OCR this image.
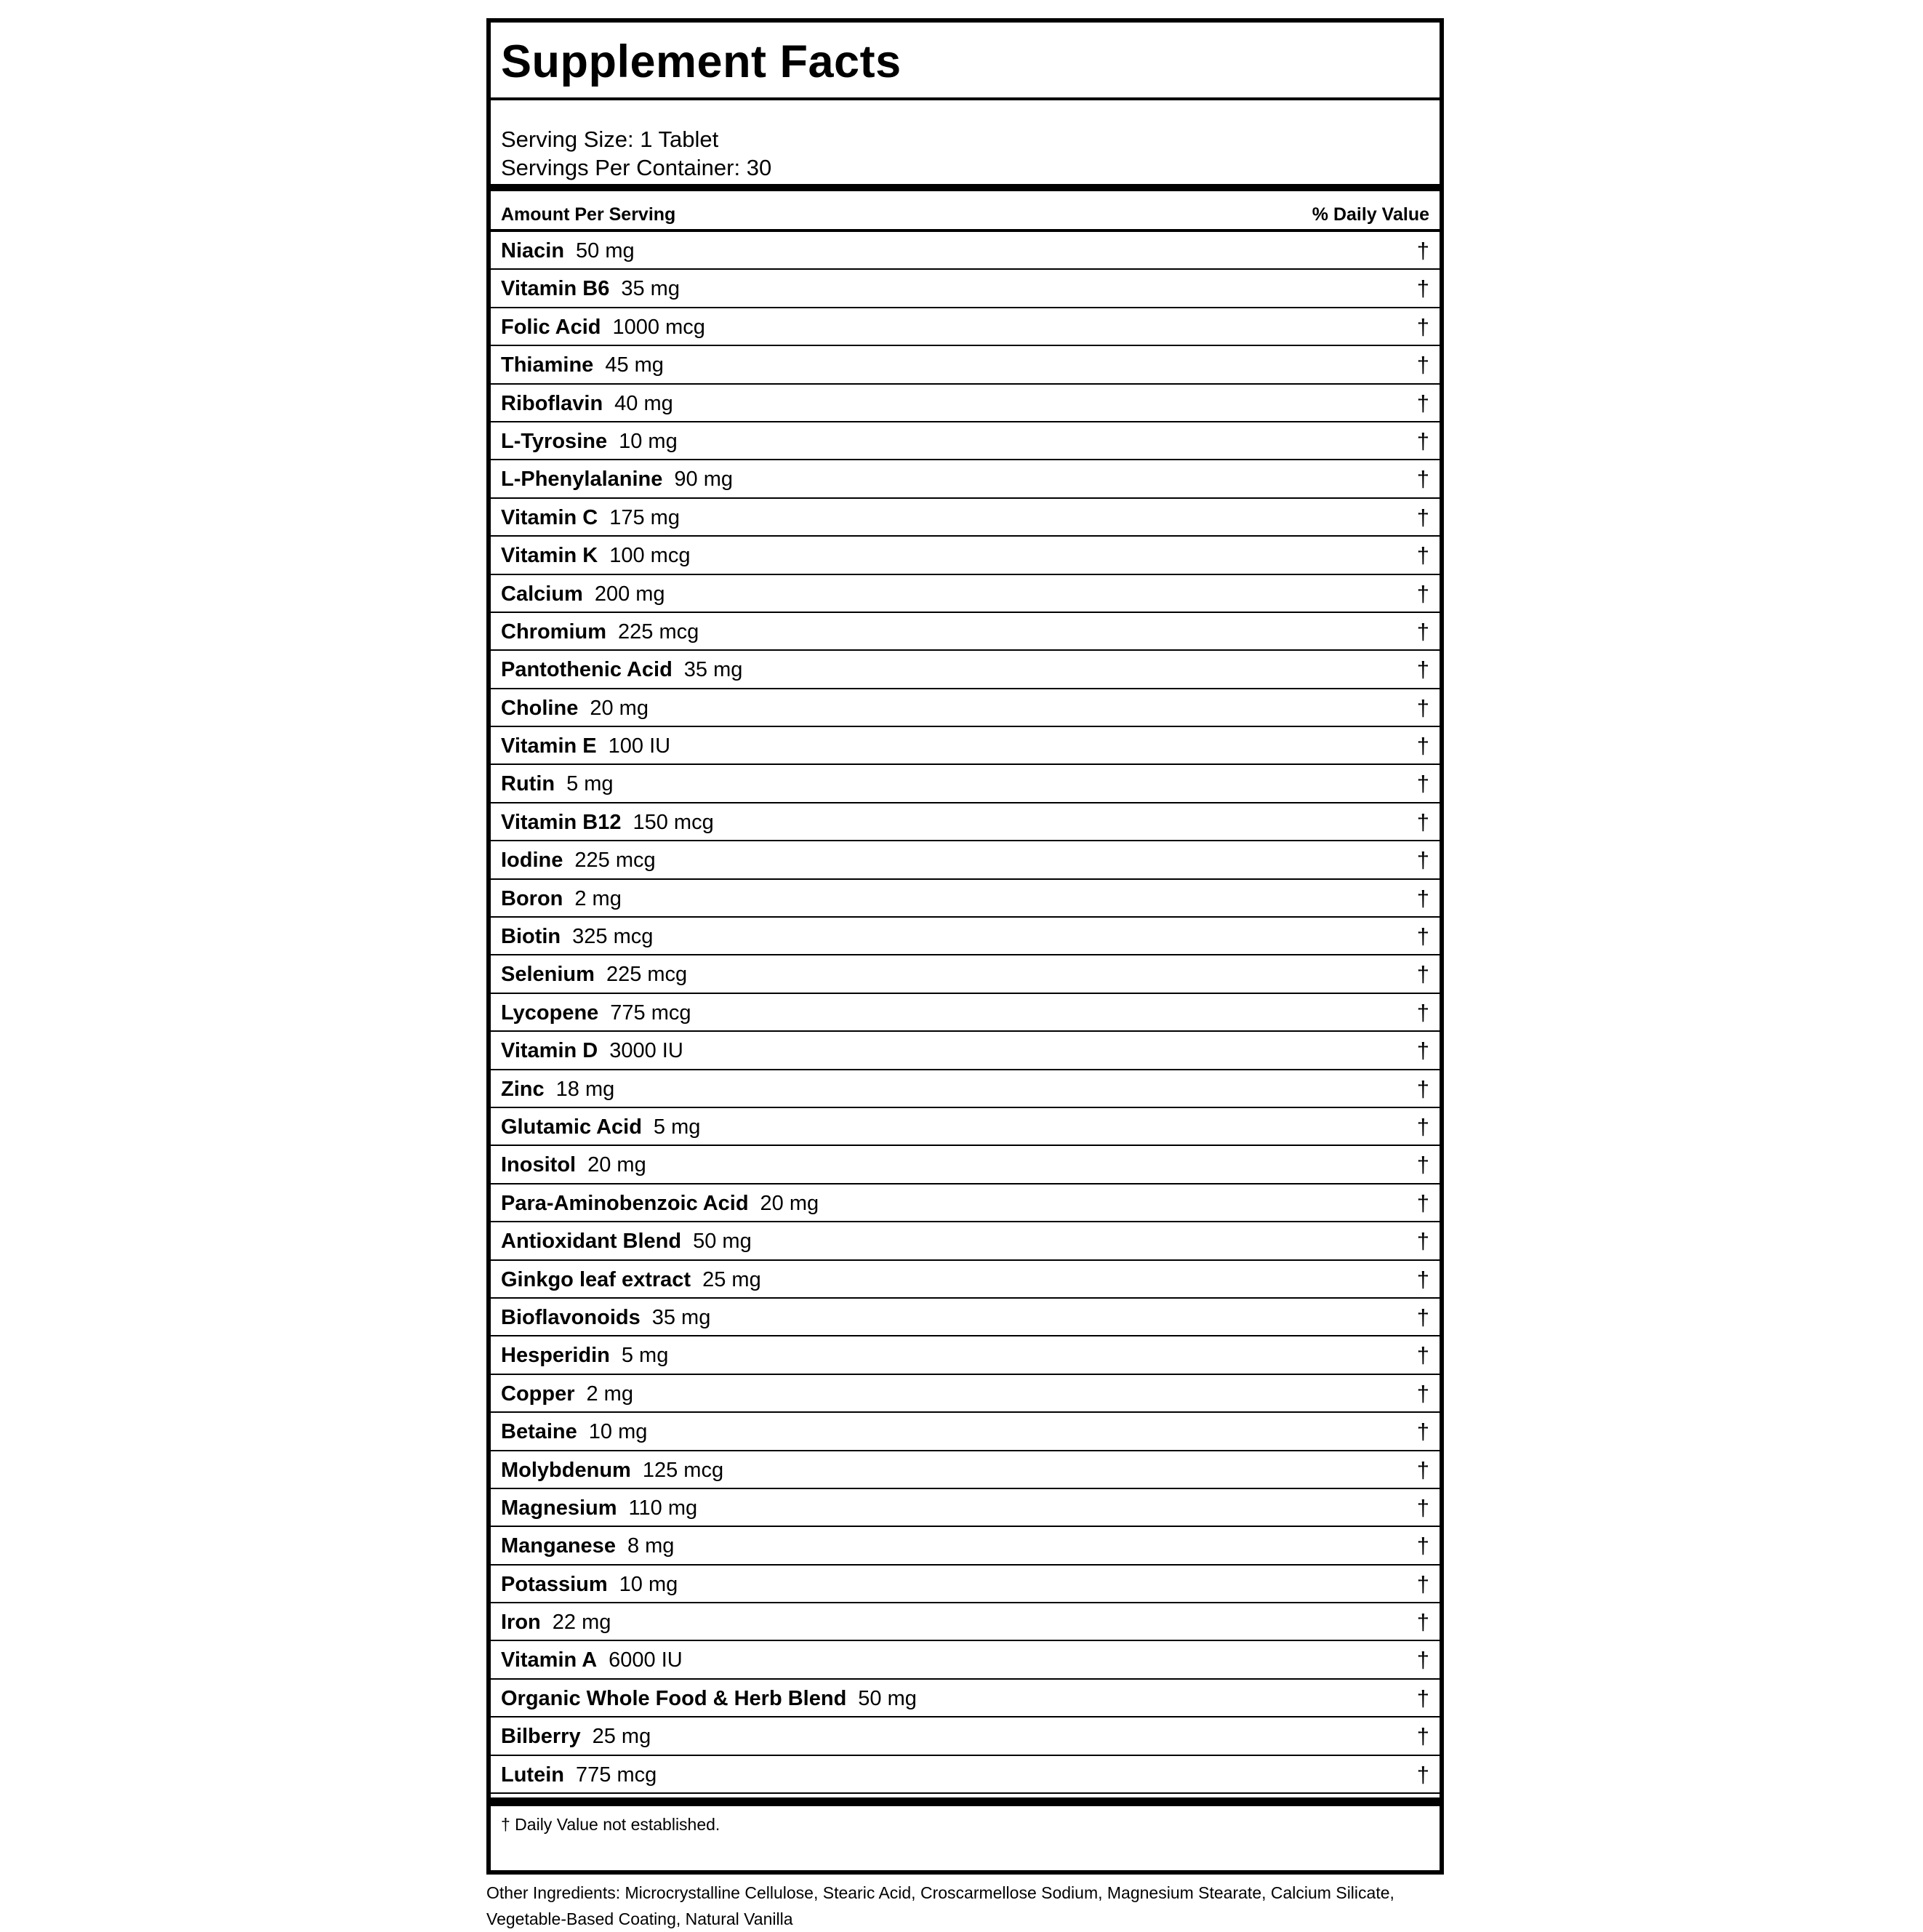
Supplement Facts
Serving Size: 1 Tablet
Servings Per Container: 30
Amount Per Serving	% Daily Value
Niacin 50 mg	†
Vitamin B6 35 mg	†
Folic Acid 1000 mcg	†
Thiamine 45 mg	†
Riboflavin 40 mg	†
L-Tyrosine 10 mg	†
L-Phenylalanine 90 mg	†
Vitamin C 175 mg	†
Vitamin K 100 mcg	†
Calcium 200 mg	†
Chromium 225 mcg	†
Pantothenic Acid 35 mg	†
Choline 20 mg	†
Vitamin E 100 IU	†
Rutin 5 mg	†
Vitamin B12 150 mcg	†
Iodine 225 mcg	†
Boron 2 mg	†
Biotin 325 mcg	†
Selenium 225 mcg	†
Lycopene 775 mcg	†
Vitamin D 3000 IU	†
Zinc 18 mg	†
Glutamic Acid 5 mg	†
Inositol 20 mg	†
Para-Aminobenzoic Acid 20 mg	†
Antioxidant Blend 50 mg	†
Ginkgo leaf extract 25 mg	†
Bioflavonoids 35 mg	†
Hesperidin 5 mg	†
Copper 2 mg	†
Betaine 10 mg	†
Molybdenum 125 mcg	†
Magnesium 110 mg	†
Manganese 8 mg	†
Potassium 10 mg	†
Iron 22 mg	†
Vitamin A 6000 IU	†
Organic Whole Food & Herb Blend 50 mg	†
Bilberry 25 mg	†
Lutein 775 mcg	†
† Daily Value not established.
Other Ingredients: Microcrystalline Cellulose, Stearic Acid, Croscarmellose Sodium, Magnesium Stearate, Calcium Silicate, Vegetable-Based Coating, Natural Vanilla
